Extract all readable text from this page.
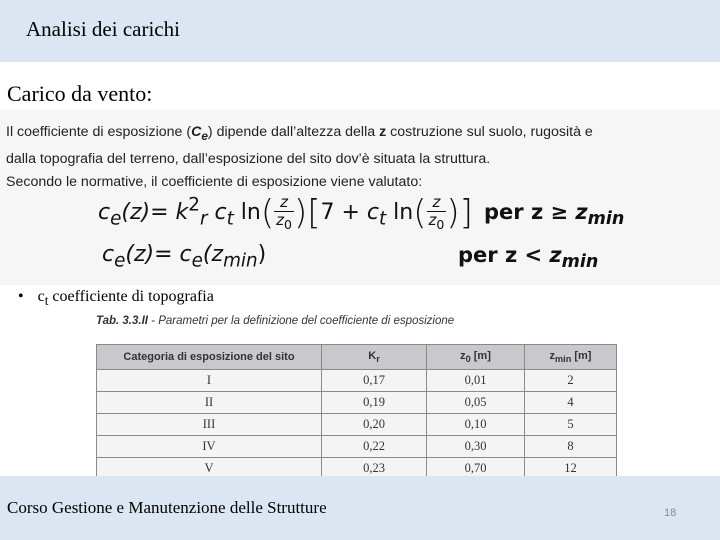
Analisi dei carichi
Carico da vento:
Il coefficiente di esposizione $(C_e)$ dipende dall’altezza della z costruzione sul suolo, rugosità e
dalla topografia del terreno, dall’esposizione del sito dov’è situata la struttura.
Secondo le normative, il coefficiente di esposizione viene valutato:
$c_e(z)= k^2_r$ $c_t$ $\ln( \frac{z}{z_0} )[7 + c_t$ $\ln( \frac{z}{z_0}$ )] per $z \ge z_{min}$
$c_e(z)= c_e(z_{min})$	per $z < z_{min}$
• $c_t$ coefficiente di topografia
Tab. 3.3.II - Parametri per la definizione del coefficiente di esposizione
Categoria di esposizione del sito	$K_r$	$z_0$ [m]	$z_{min}$ [m]
I	0,17	0,01	2
II	0,19	0,05	4
III	0,20	0,10	5
IV	0,22	0,30	8
V	0,23	0,70	12
Corso Gestione e Manutenzione delle Strutture	18
